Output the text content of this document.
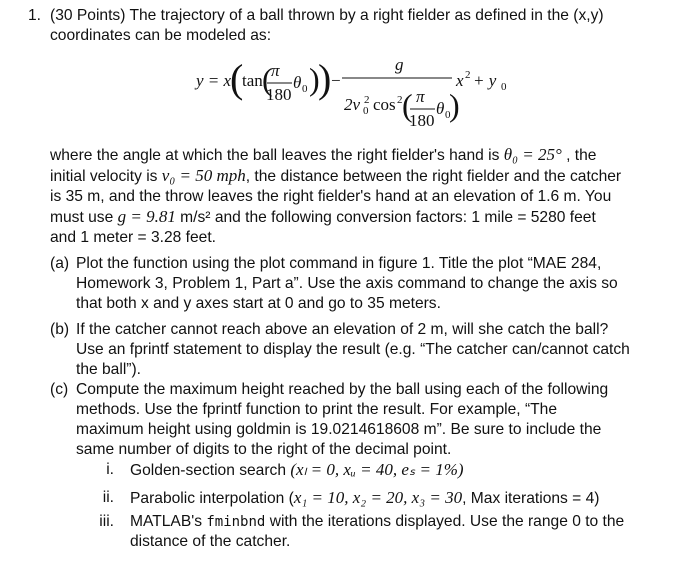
1. (30 Points) The trajectory of a ball thrown by a right fielder as defined in the (x,y) coordinates can be modeled as:
y = x
(
tan (
π
180
θ 0 )
) −
g
2v 2
0 cos 2 ( π
180
θ 0
)
x 2 + y 0
where the angle at which the ball leaves the right fielder's hand is θ₀ = 25° , the
initial velocity is v₀ = 50 mph, the distance between the right fielder and the catcher
is 35 m, and the throw leaves the right fielder's hand at an elevation of 1.6 m. You
must use g = 9.81 m/s² and the following conversion factors: 1 mile = 5280 feet
and 1 meter = 3.28 feet.
(a) Plot the function using the plot command in figure 1. Title the plot “MAE 284,
Homework 3, Problem 1, Part a”. Use the axis command to change the axis so
that both x and y axes start at 0 and go to 35 meters.
(b) If the catcher cannot reach above an elevation of 2 m, will she catch the ball?
Use an fprintf statement to display the result (e.g. “The catcher can/cannot catch
the ball”).
(c) Compute the maximum height reached by the ball using each of the following
methods. Use the fprintf function to print the result. For example, “The
maximum height using goldmin is 19.0214618608 m”. Be sure to include the
same number of digits to the right of the decimal point.
i. Golden-section search (xₗ = 0, xᵤ = 40, eₛ = 1%)
ii. Parabolic interpolation (x₁ = 10, x₂ = 20, x₃ = 30, Max iterations = 4)
iii. MATLAB's fminbnd with the iterations displayed. Use the range 0 to the
distance of the catcher.
